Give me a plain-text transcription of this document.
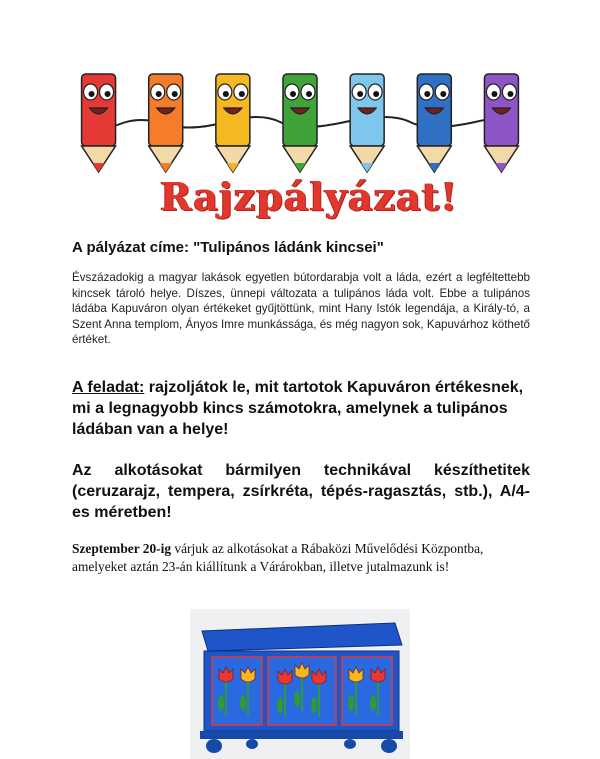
Rajzpályázat!
A pályázat címe: "Tulipános ládánk kincsei"
Évszázadokig a magyar lakások egyetlen bútordarabja volt a láda, ezért a legféltettebb kincsek tároló helye. Díszes, ünnepi változata a tulipános láda volt. Ebbe a tulipános ládába Kapuváron olyan értékeket gyűjtöttünk, mint Hany Istók legendája, a Király-tó, a Szent Anna templom, Ányos Imre munkássága, és még nagyon sok, Kapuvárhoz köthető értéket.
A feladat: rajzoljátok le, mit tartotok Kapuváron értékesnek, mi a legnagyobb kincs számotokra, amelynek a tulipános ládában van a helye!
Az alkotásokat bármilyen technikával készíthetitek (ceruzarajz, tempera, zsírkréta, tépés-ragasztás, stb.), A/4-es méretben!
Szeptember 20-ig várjuk az alkotásokat a Rábaközi Művelődési Központba, amelyeket aztán 23-án kiállítunk a Várárokban, illetve jutalmazunk is!
